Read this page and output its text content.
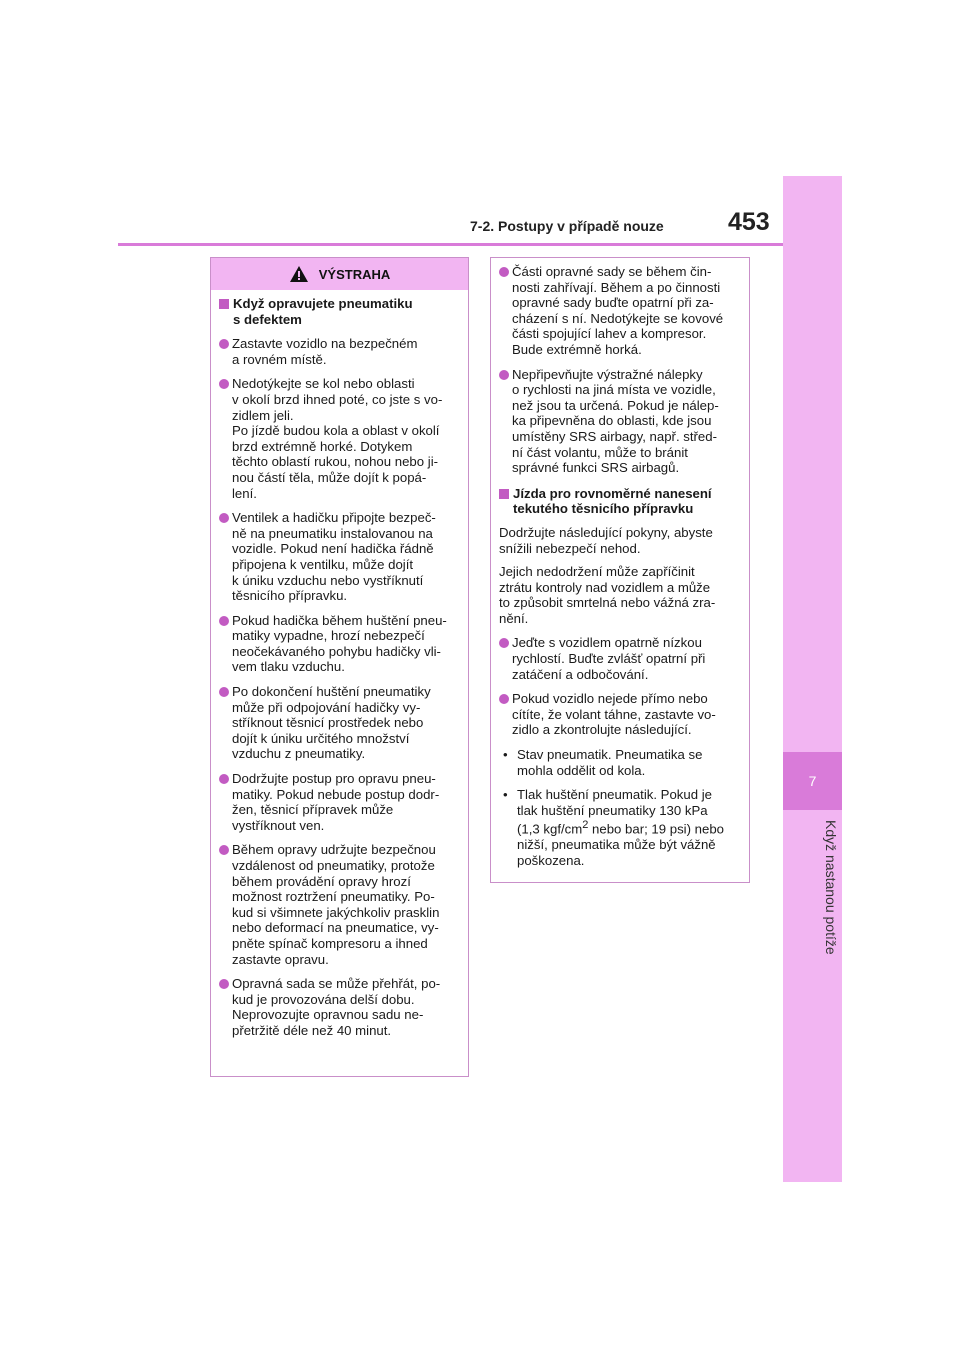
7
Když nastanou potíže
7-2. Postupy v případě nouze	453
VÝSTRAHA
Když opravujete pneumatiku
s defektem
Zastavte vozidlo na bezpečném
a rovném místě.
Nedotýkejte se kol nebo oblasti
v okolí brzd ihned poté, co jste s vo-
zidlem jeli.
Po jízdě budou kola a oblast v okolí
brzd extrémně horké. Dotykem
těchto oblastí rukou, nohou nebo ji-
nou částí těla, může dojít k popá-
lení.
Ventilek a hadičku připojte bezpeč-
ně na pneumatiku instalovanou na
vozidle. Pokud není hadička řádně
připojena k ventilku, může dojít
k úniku vzduchu nebo vystříknutí
těsnicího přípravku.
Pokud hadička během huštění pneu-
matiky vypadne, hrozí nebezpečí
neočekávaného pohybu hadičky vli-
vem tlaku vzduchu.
Po dokončení huštění pneumatiky
může při odpojování hadičky vy-
stříknout těsnicí prostředek nebo
dojít k úniku určitého množství
vzduchu z pneumatiky.
Dodržujte postup pro opravu pneu-
matiky. Pokud nebude postup dodr-
žen, těsnicí přípravek může
vystříknout ven.
Během opravy udržujte bezpečnou
vzdálenost od pneumatiky, protože
během provádění opravy hrozí
možnost roztržení pneumatiky. Po-
kud si všimnete jakýchkoliv prasklin
nebo deformací na pneumatice, vy-
pněte spínač kompresoru a ihned
zastavte opravu.
Opravná sada se může přehřát, po-
kud je provozována delší dobu.
Neprovozujte opravnou sadu ne-
přetržitě déle než 40 minut.
Části opravné sady se během čin-
nosti zahřívají. Během a po činnosti
opravné sady buďte opatrní při za-
cházení s ní. Nedotýkejte se kovové
části spojující lahev a kompresor.
Bude extrémně horká.
Nepřipevňujte výstražné nálepky
o rychlosti na jiná místa ve vozidle,
než jsou ta určená. Pokud je nálep-
ka připevněna do oblasti, kde jsou
umístěny SRS airbagy, např. střed-
ní část volantu, může to bránit
správné funkci SRS airbagů.
Jízda pro rovnoměrné nanesení
tekutého těsnicího přípravku
Dodržujte následující pokyny, abyste
snížili nebezpečí nehod.
Jejich nedodržení může zapříčinit
ztrátu kontroly nad vozidlem a může
to způsobit smrtelná nebo vážná zra-
nění.
Jeďte s vozidlem opatrně nízkou
rychlostí. Buďte zvlášť opatrní při
zatáčení a odbočování.
Pokud vozidlo nejede přímo nebo
cítíte, že volant táhne, zastavte vo-
zidlo a zkontrolujte následující.
• Stav pneumatik. Pneumatika se
mohla oddělit od kola.
• Tlak huštění pneumatik. Pokud je
tlak huštění pneumatiky 130 kPa
(1,3 kgf/$cm^2$ nebo bar; 19 psi) nebo
nižší, pneumatika může být vážně
poškozena.
